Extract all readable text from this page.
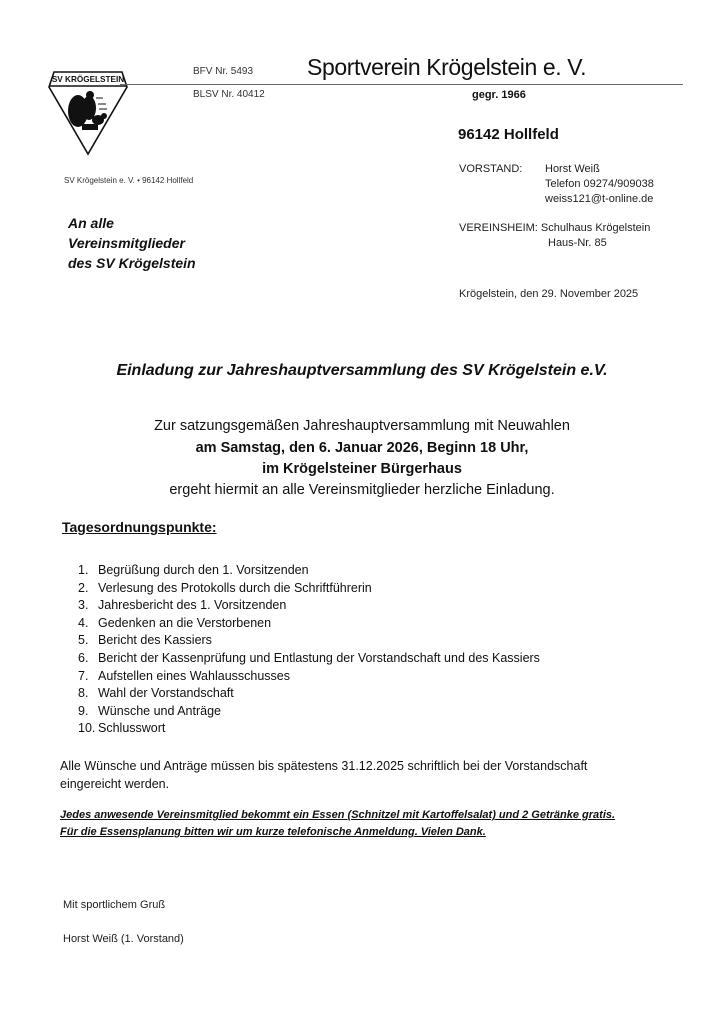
SV KRÖGELSTEIN
BFV Nr. 5493
BLSV Nr. 40412
Sportverein Krögelstein e. V.
gegr. 1966
96142 Hollfeld
VORSTAND: Horst Weiß
Telefon 09274/909038
weiss121@t-online.de
VEREINSHEIM: Schulhaus Krögelstein
Haus-Nr. 85
Krögelstein, den 29. November 2025
SV Krögelstein e. V. • 96142 Hollfeld
An alle
Vereinsmitglieder
des SV Krögelstein
Einladung zur Jahreshauptversammlung des SV Krögelstein e.V.
Zur satzungsgemäßen Jahreshauptversammlung mit Neuwahlen
am Samstag, den 6. Januar 2026, Beginn 18 Uhr,
im Krögelsteiner Bürgerhaus
ergeht hiermit an alle Vereinsmitglieder herzliche Einladung.
Tagesordnungspunkte:
1. Begrüßung durch den 1. Vorsitzenden
2. Verlesung des Protokolls durch die Schriftführerin
3. Jahresbericht des 1. Vorsitzenden
4. Gedenken an die Verstorbenen
5. Bericht des Kassiers
6. Bericht der Kassenprüfung und Entlastung der Vorstandschaft und des Kassiers
7. Aufstellen eines Wahlausschusses
8. Wahl der Vorstandschaft
9. Wünsche und Anträge
10. Schlusswort
Alle Wünsche und Anträge müssen bis spätestens 31.12.2025 schriftlich bei der Vorstandschaft
eingereicht werden.
Jedes anwesende Vereinsmitglied bekommt ein Essen (Schnitzel mit Kartoffelsalat) und 2 Getränke gratis.
Für die Essensplanung bitten wir um kurze telefonische Anmeldung. Vielen Dank.
Mit sportlichem Gruß
Horst Weiß (1. Vorstand)
